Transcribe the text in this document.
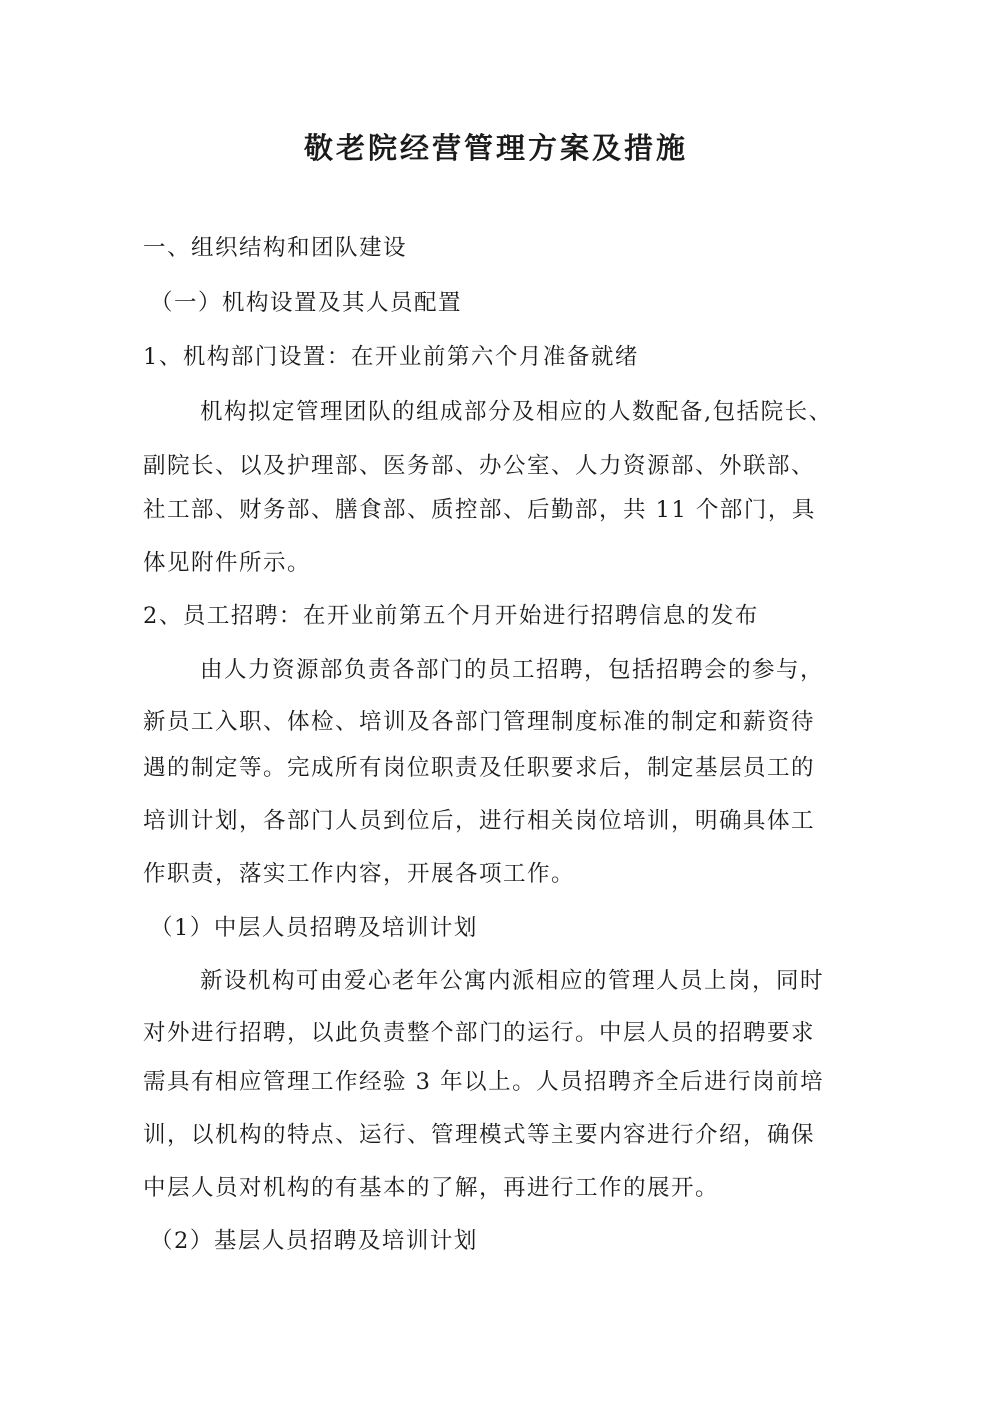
敬老院经营管理方案及措施

一、组织结构和团队建设

（一）机构设置及其人员配置

1、机构部门设置：在开业前第六个月准备就绪

机构拟定管理团队的组成部分及相应的人数配备,包括院长、

副院长、以及护理部、医务部、办公室、人力资源部、外联部、

社工部、财务部、膳食部、质控部、后勤部，共 11 个部门，具

体见附件所示。

2、员工招聘：在开业前第五个月开始进行招聘信息的发布

由人力资源部负责各部门的员工招聘，包括招聘会的参与，

新员工入职、体检、培训及各部门管理制度标准的制定和薪资待

遇的制定等。完成所有岗位职责及任职要求后，制定基层员工的

培训计划，各部门人员到位后，进行相关岗位培训，明确具体工

作职责，落实工作内容，开展各项工作。

（1）中层人员招聘及培训计划

新设机构可由爱心老年公寓内派相应的管理人员上岗，同时

对外进行招聘，以此负责整个部门的运行。中层人员的招聘要求

需具有相应管理工作经验 3 年以上。人员招聘齐全后进行岗前培

训，以机构的特点、运行、管理模式等主要内容进行介绍，确保

中层人员对机构的有基本的了解，再进行工作的展开。

（2）基层人员招聘及培训计划
